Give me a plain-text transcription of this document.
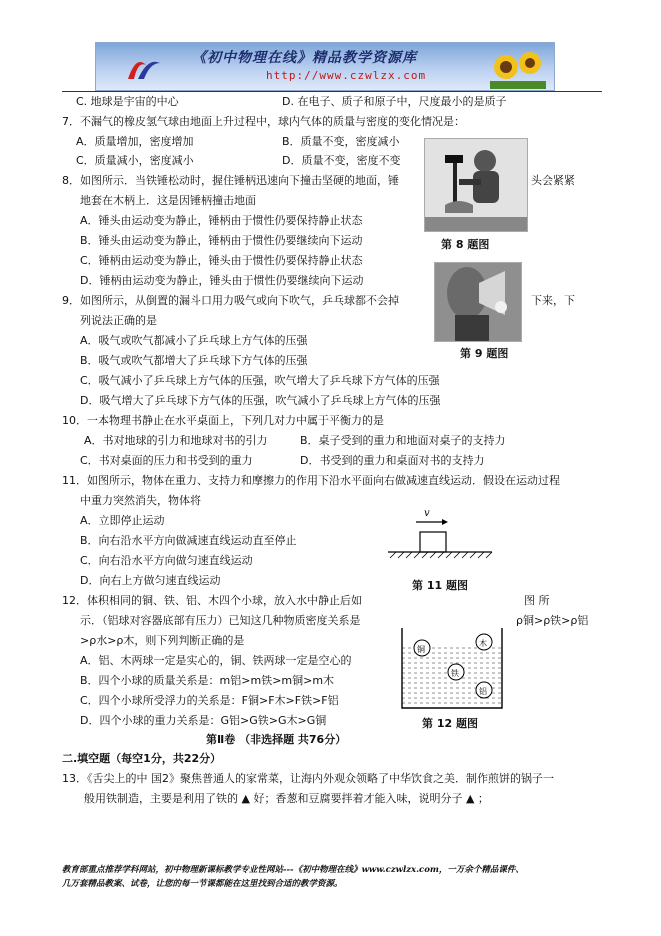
《初中物理在线》精品教学资源库
http://www.czwlzx.com
C. 地球是宇宙的中心	D. 在电子、质子和原子中，尺度最小的是质子
7．不漏气的橡皮氢气球由地面上升过程中，球内气体的质量与密度的变化情况是：
A．质量增加，密度增加	B．质量不变，密度减小
C．质量减小，密度减小	D．质量不变，密度不变
8．如图所示．当铁锤松动时，握住锤柄迅速向下撞击坚硬的地面，锤	头会紧紧
地套在木柄上．这是因锤柄撞击地面
A．锤头由运动变为静止，锤柄由于惯性仍要保持静止状态
B．锤头由运动变为静止，锤柄由于惯性仍要继续向下运动
C．锤柄由运动变为静止，锤头由于惯性仍要保持静止状态
D．锤柄由运动变为静止，锤头由于惯性仍要继续向下运动
9．如图所示，从倒置的漏斗口用力吸气或向下吹气，乒乓球都不会掉	下来，下
列说法正确的是
A．吸气或吹气都减小了乒乓球上方气体的压强
B．吸气或吹气都增大了乒乓球下方气体的压强
C．吸气减小了乒乓球上方气体的压强，吹气增大了乒乓球下方气体的压强
D．吸气增大了乒乓球下方气体的压强，吹气减小了乒乓球上方气体的压强
10．一本物理书静止在水平桌面上，下列几对力中属于平衡力的是
A．书对地球的引力和地球对书的引力	B．桌子受到的重力和地面对桌子的支持力
C．书对桌面的压力和书受到的重力	D．书受到的重力和桌面对书的支持力
11．如图所示，物体在重力、支持力和摩擦力的作用下沿水平面向右做减速直线运动．假设在运动过程
中重力突然消失，物体将
A．立即停止运动
B．向右沿水平方向做减速直线运动直至停止
C．向右沿水平方向做匀速直线运动
D．向右上方做匀速直线运动
12．体积相同的铜、铁、铝、木四个小球，放入水中静止后如	图 所
示．（铝球对容器底部有压力）已知这几种物质密度关系是	ρ铜>ρ铁>ρ铝
>ρ水>ρ木，则下列判断正确的是
A．铝、木两球一定是实心的，铜、铁两球一定是空心的
B．四个小球的质量关系是：m铝>m铁>m铜>m木
C．四个小球所受浮力的关系是：F铜>F木>F铁>F铝
D．四个小球的重力关系是：G铝>G铁>G木>G铜
第Ⅱ卷 （非选择题 共76分）
二.填空题（每空1分，共22分）
13．《舌尖上的中 国2》聚焦普通人的家常菜，让海内外观众领略了中华饮食之美．制作煎饼的锅子一
般用铁制造，主要是利用了铁的 ▲ 好；香葱和豆腐要拌着才能入味，说明分子 ▲ ；
第 8 题图
第 9 题图
v
第 11 题图
铜
木
铁
铝
第 12 题图
教育部重点推荐学科网站，初中物理新课标教学专业性网站---《初中物理在线》www.czwlzx.com，一万余个精品课件、
几万套精品教案、试卷，让您的每一节课都能在这里找到合适的教学资源。
